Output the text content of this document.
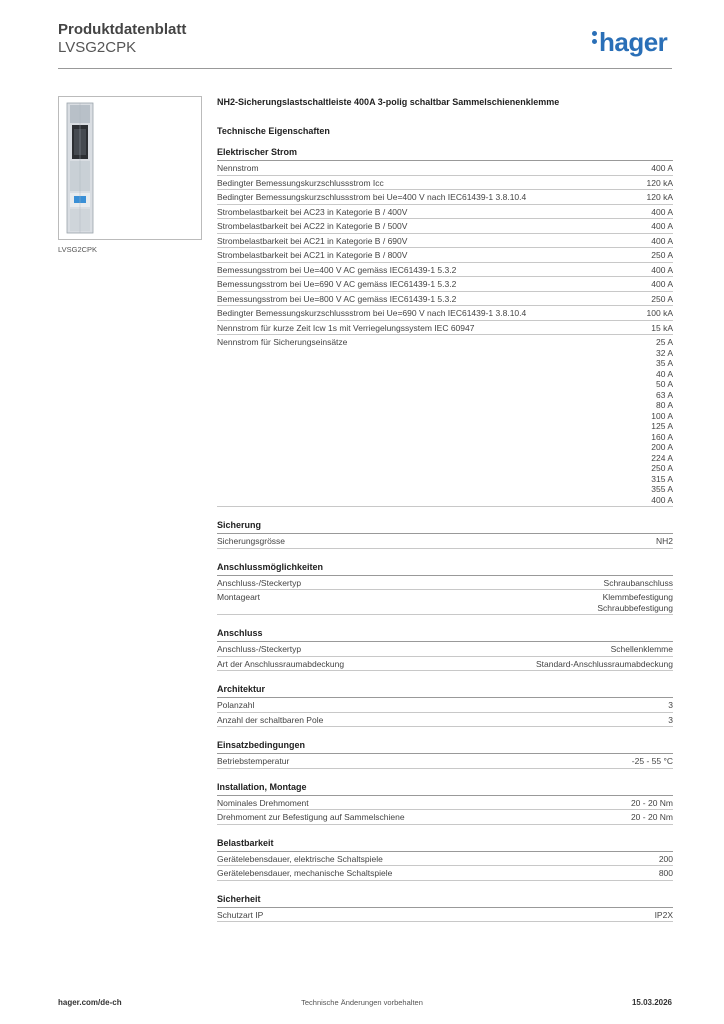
Produktdatenblatt
LVSG2CPK	hager
LVSG2CPK
NH2-Sicherungslastschaltleiste 400A 3-polig schaltbar Sammelschienenklemme
Technische Eigenschaften
Elektrischer Strom
Nennstrom	400 A
Bedingter Bemessungskurzschlussstrom Icc	120 kA
Bedingter Bemessungskurzschlussstrom bei Ue=400 V nach IEC61439-1 3.8.10.4	120 kA
Strombelastbarkeit bei AC23 in Kategorie B / 400V	400 A
Strombelastbarkeit bei AC22 in Kategorie B / 500V	400 A
Strombelastbarkeit bei AC21 in Kategorie B / 690V	400 A
Strombelastbarkeit bei AC21 in Kategorie B / 800V	250 A
Bemessungsstrom bei Ue=400 V AC gemäss IEC61439-1 5.3.2	400 A
Bemessungsstrom bei Ue=690 V AC gemäss IEC61439-1 5.3.2	400 A
Bemessungsstrom bei Ue=800 V AC gemäss IEC61439-1 5.3.2	250 A
Bedingter Bemessungskurzschlussstrom bei Ue=690 V nach IEC61439-1 3.8.10.4	100 kA
Nennstrom für kurze Zeit Icw 1s mit Verriegelungssystem IEC 60947	15 kA
Nennstrom für Sicherungseinsätze	25 A
32 A
35 A
40 A
50 A
63 A
80 A
100 A
125 A
160 A
200 A
224 A
250 A
315 A
355 A
400 A
Sicherung
Sicherungsgrösse	NH2
Anschlussmöglichkeiten
Anschluss-/Steckertyp	Schraubanschluss
Montageart	Klemmbefestigung
Schraubbefestigung
Anschluss
Anschluss-/Steckertyp	Schellenklemme
Art der Anschlussraumabdeckung	Standard-Anschlussraumabdeckung
Architektur
Polanzahl	3
Anzahl der schaltbaren Pole	3
Einsatzbedingungen
Betriebstemperatur	-25 - 55 °C
Installation, Montage
Nominales Drehmoment	20 - 20 Nm
Drehmoment zur Befestigung auf Sammelschiene	20 - 20 Nm
Belastbarkeit
Gerätelebensdauer, elektrische Schaltspiele	200
Gerätelebensdauer, mechanische Schaltspiele	800
Sicherheit
Schutzart IP	IP2X
hager.com/de-ch	Technische Änderungen vorbehalten	15.03.2026
